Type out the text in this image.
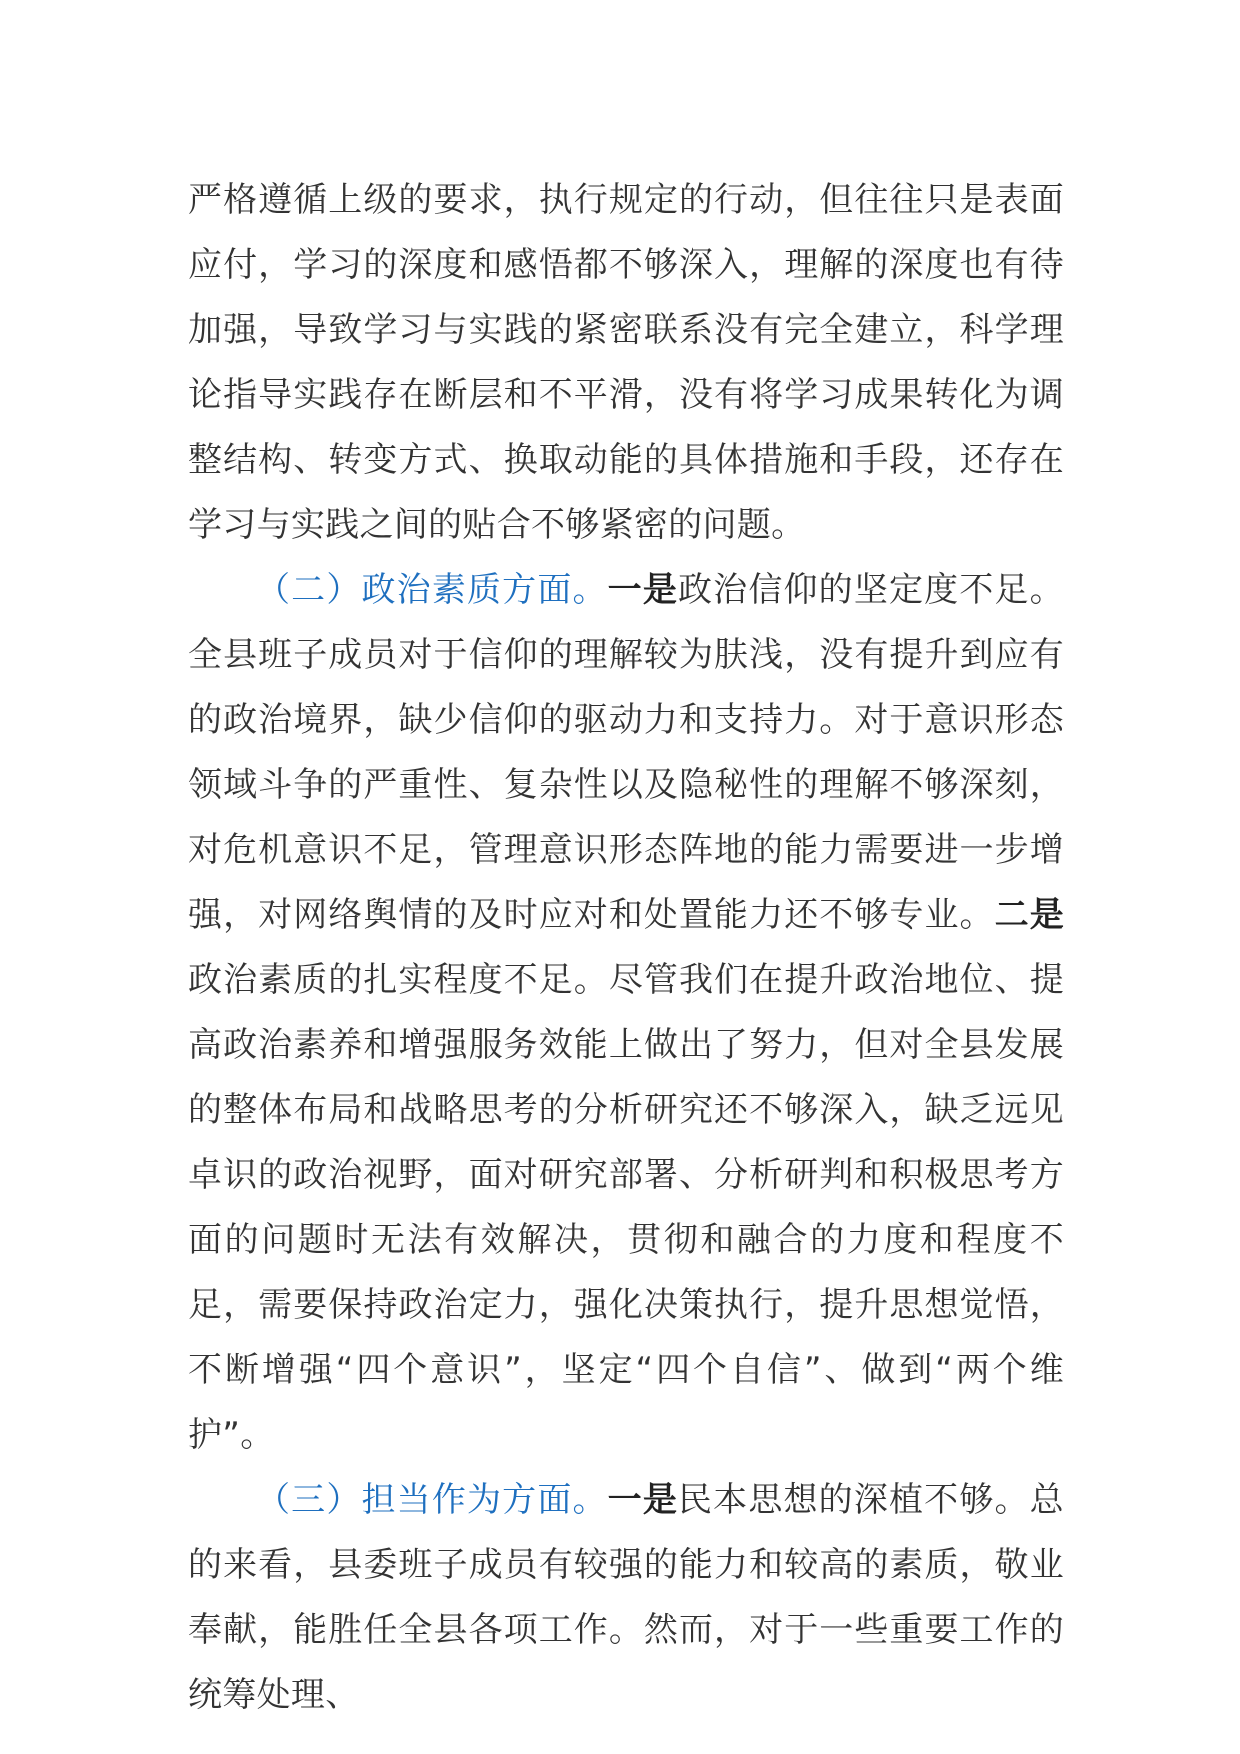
严格遵循上级的要求，执行规定的行动，但往往只是表面应付，学习的深度和感悟都不够深入，理解的深度也有待加强，导致学习与实践的紧密联系没有完全建立，科学理论指导实践存在断层和不平滑，没有将学习成果转化为调整结构、转变方式、换取动能的具体措施和手段，还存在学习与实践之间的贴合不够紧密的问题。

（二）政治素质方面。一是政治信仰的坚定度不足。全县班子成员对于信仰的理解较为肤浅，没有提升到应有的政治境界，缺少信仰的驱动力和支持力。对于意识形态领域斗争的严重性、复杂性以及隐秘性的理解不够深刻，对危机意识不足，管理意识形态阵地的能力需要进一步增强，对网络舆情的及时应对和处置能力还不够专业。二是政治素质的扎实程度不足。尽管我们在提升政治地位、提高政治素养和增强服务效能上做出了努力，但对全县发展的整体布局和战略思考的分析研究还不够深入，缺乏远见卓识的政治视野，面对研究部署、分析研判和积极思考方面的问题时无法有效解决，贯彻和融合的力度和程度不足，需要保持政治定力，强化决策执行，提升思想觉悟，不断增强“四个意识”，坚定“四个自信”、做到“两个维护”。

（三）担当作为方面。一是民本思想的深植不够。总的来看，县委班子成员有较强的能力和较高的素质，敬业奉献，能胜任全县各项工作。然而，对于一些重要工作的统筹处理、
